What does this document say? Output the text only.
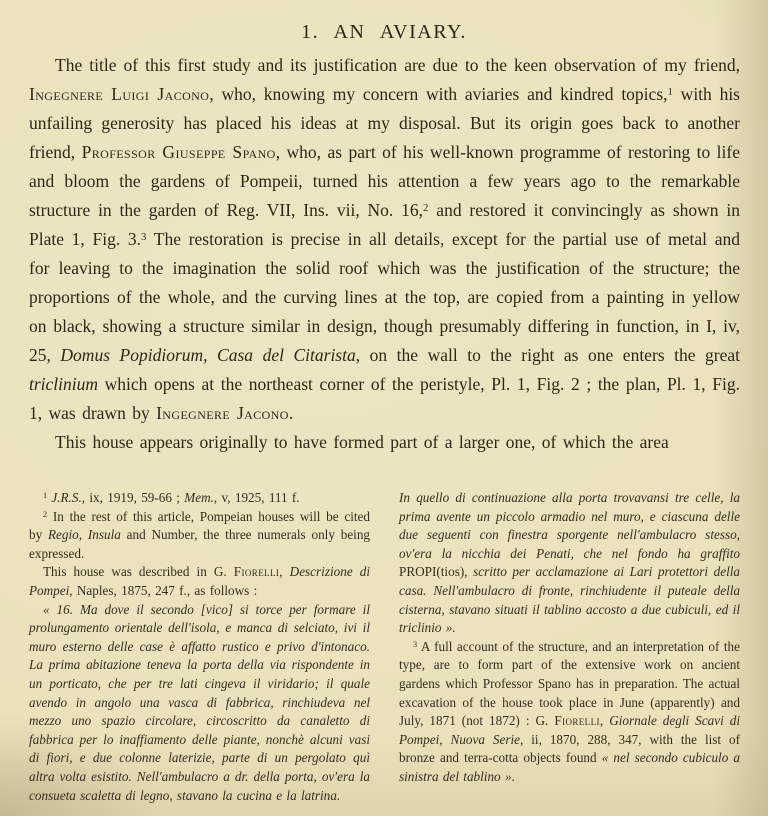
1. AN AVIARY.

The title of this first study and its justification are due to the keen observation of my friend, Ingegnere Luigi Jacono, who, knowing my concern with aviaries and kindred topics,$^1$ with his unfailing generosity has placed his ideas at my disposal. But its origin goes back to another friend, Professor Giuseppe Spano, who, as part of his well-known programme of restoring to life and bloom the gardens of Pompeii, turned his attention a few years ago to the remarkable structure in the garden of Reg. VII, Ins. vii, No. 16,$^2$ and restored it convincingly as shown in Plate 1, Fig. 3.$^3$ The restoration is precise in all details, except for the partial use of metal and for leaving to the imagination the solid roof which was the justification of the structure; the proportions of the whole, and the curving lines at the top, are copied from a painting in yellow on black, showing a structure similar in design, though presumably differing in function, in I, iv, 25, Domus Popidiorum, Casa del Citarista, on the wall to the right as one enters the great triclinium which opens at the northeast corner of the peristyle, Pl. 1, Fig. 2 ; the plan, Pl. 1, Fig. 1, was drawn by Ingegnere Jacono.

This house appears originally to have formed part of a larger one, of which the area

$^1$ J.R.S., ix, 1919, 59-66 ; Mem., v, 1925, 111 f.

$^2$ In the rest of this article, Pompeian houses will be cited by Regio, Insula and Number, the three numerals only being expressed.

This house was described in G. Fiorelli, Descrizione di Pompei, Naples, 1875, 247 f., as follows :

« 16. Ma dove il secondo [vico] si torce per formare il prolungamento orientale dell'isola, e manca di selciato, ivi il muro esterno delle case è affatto rustico e privo d'intonaco. La prima abitazione teneva la porta della via rispondente in un porticato, che per tre lati cingeva il viridario; il quale avendo in angolo una vasca di fabbrica, rinchiudeva nel mezzo uno spazio circolare, circoscritto da canaletto di fabbrica per lo inaffiamento delle piante, nonchè alcuni vasi di fiori, e due colonne laterizie, parte di un pergolato quì altra volta esistito. Nell'ambulacro a dr. della porta, ov'era la consueta scaletta di legno, stavano la cucina e la latrina.

In quello di continuazione alla porta trovavansi tre celle, la prima avente un piccolo armadio nel muro, e ciascuna delle due seguenti con finestra sporgente nell'ambulacro stesso, ov'era la nicchia dei Penati, che nel fondo ha graffito PROPI(tios), scritto per acclamazione ai Lari protettori della casa. Nell'ambulacro di fronte, rinchiudente il puteale della cisterna, stavano situati il tablino accosto a due cubiculi, ed il triclinio ».

$^3$ A full account of the structure, and an interpretation of the type, are to form part of the extensive work on ancient gardens which Professor Spano has in preparation. The actual excavation of the house took place in June (apparently) and July, 1871 (not 1872) : G. Fiorelli, Giornale degli Scavi di Pompei, Nuova Serie, ii, 1870, 288, 347, with the list of bronze and terra-cotta objects found « nel secondo cubiculo a sinistra del tablino ».
